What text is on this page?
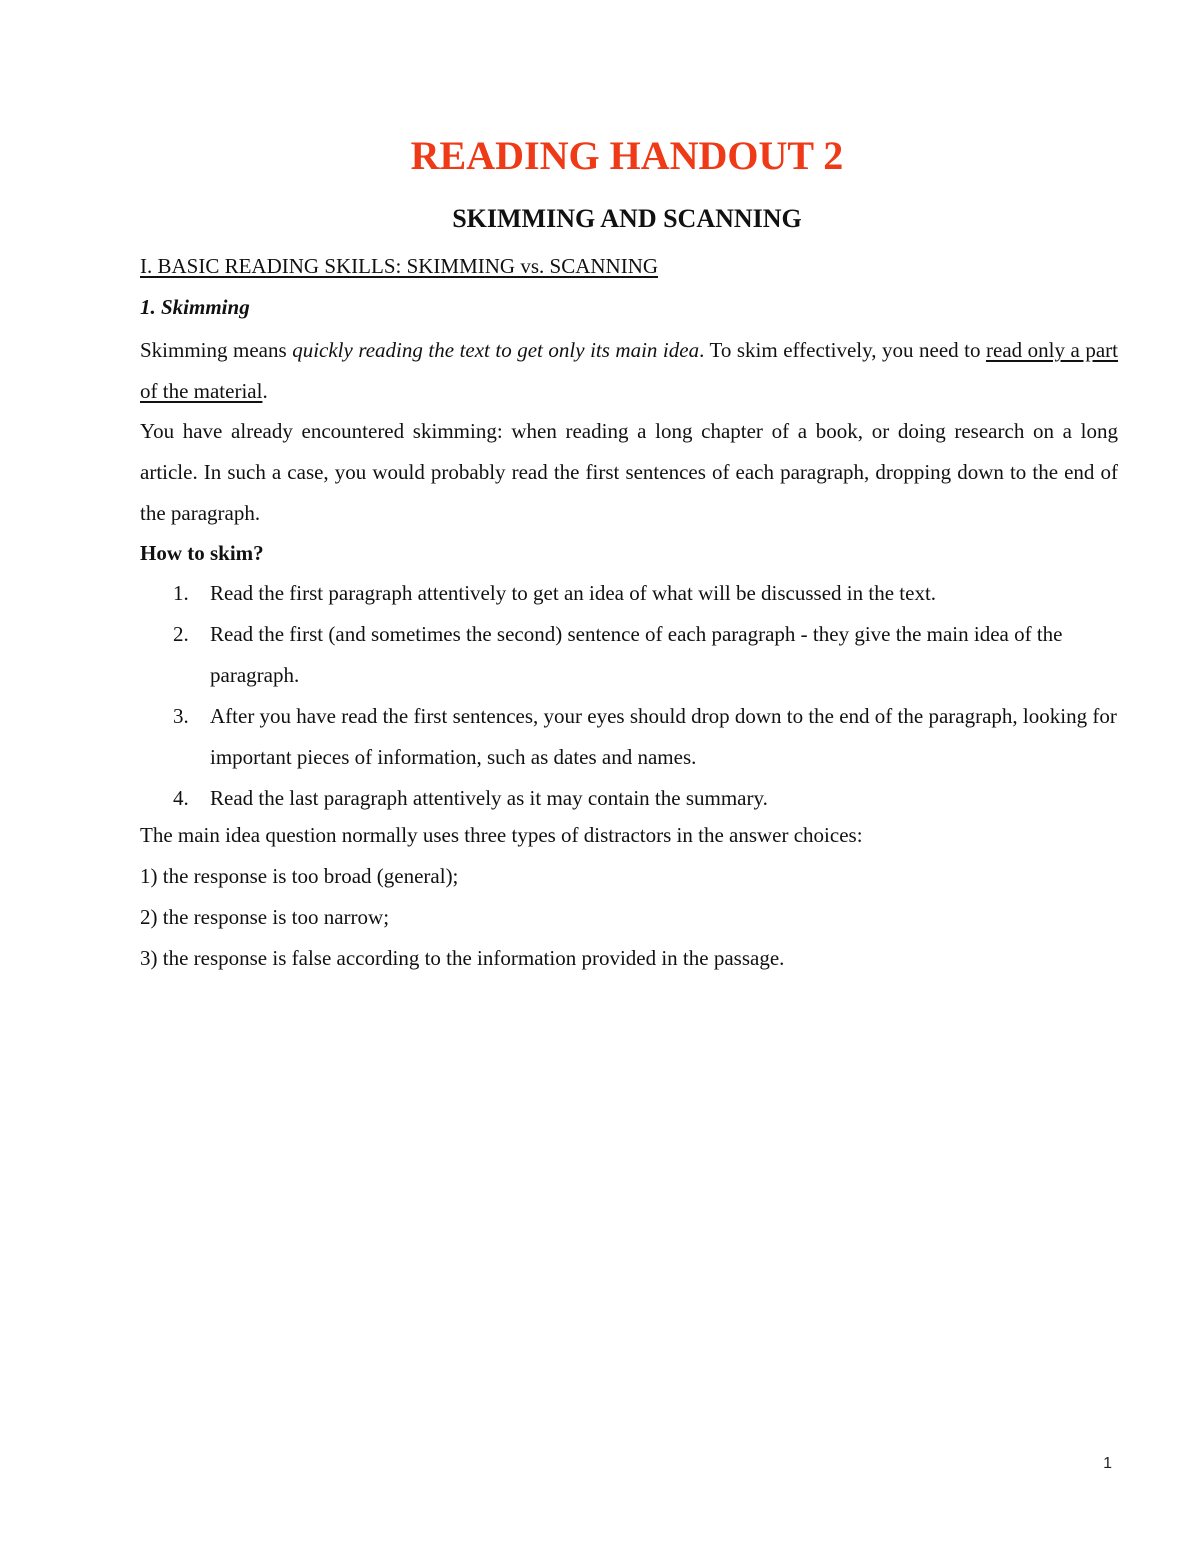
READING HANDOUT 2
SKIMMING AND SCANNING
I. BASIC READING SKILLS: SKIMMING vs. SCANNING
1. Skimming
Skimming means quickly reading the text to get only its main idea. To skim effectively, you need to read only a part of the material.
You have already encountered skimming: when reading a long chapter of a book, or doing research on a long article. In such a case, you would probably read the first sentences of each paragraph, dropping down to the end of the paragraph.
How to skim?
1. Read the first paragraph attentively to get an idea of what will be discussed in the text.
2. Read the first (and sometimes the second) sentence of each paragraph - they give the main idea of the paragraph.
3. After you have read the first sentences, your eyes should drop down to the end of the paragraph, looking for important pieces of information, such as dates and names.
4. Read the last paragraph attentively as it may contain the summary.
The main idea question normally uses three types of distractors in the answer choices:
1) the response is too broad (general);
2) the response is too narrow;
3) the response is false according to the information provided in the passage.
1
